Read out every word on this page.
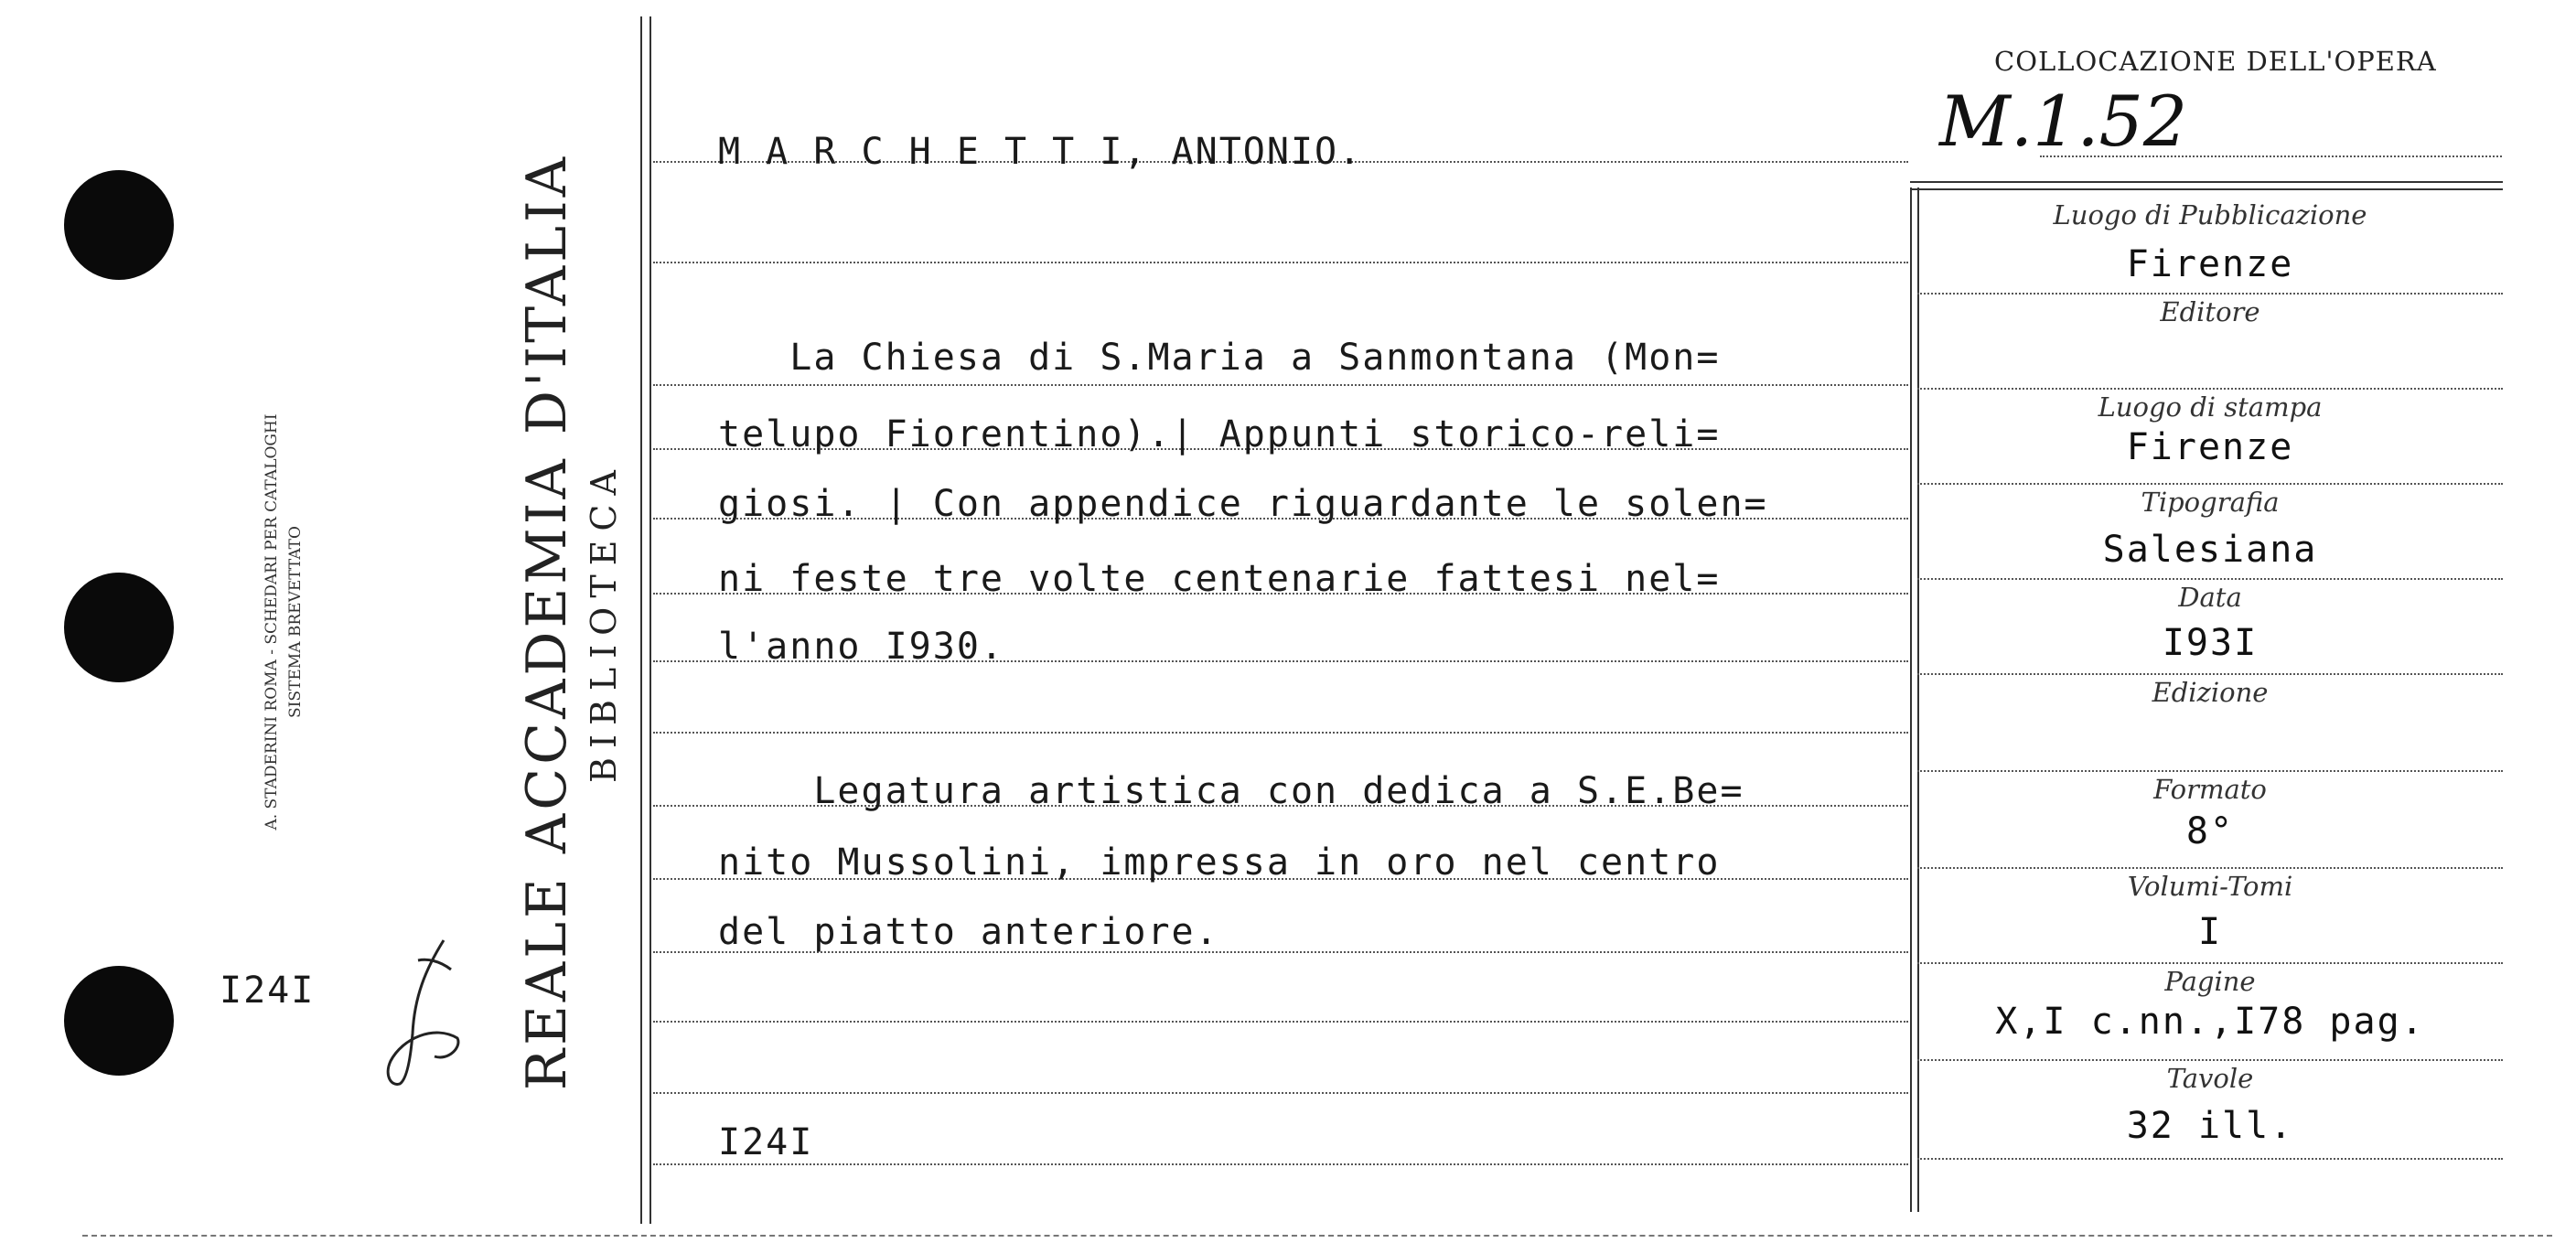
A. STADERINI ROMA - SCHEDARI PER CATALOGHI SISTEMA BREVETTATO
I24I	REALE ACCADEMIA D'ITALIA BIBLIOTECA
COLLOCAZIONE DELL'OPERA
M.1.52
M A R C H E T T I, ANTONIO.
La Chiesa di S.Maria a Sanmontana (Mon=
telupo Fiorentino).| Appunti storico-reli=
giosi. | Con appendice riguardante le solen=
ni feste tre volte centenarie fattesi nel=
l'anno I930.
Legatura artistica con dedica a S.E.Be=
nito Mussolini, impressa in oro nel centro
del piatto anteriore.
I24I
Luogo di Pubblicazione
Firenze
Editore
Luogo di stampa
Firenze
Tipografia
Salesiana
Data
I93I
Edizione
Formato
8°
Volumi-Tomi
I
Pagine
X,I c.nn.,I78 pag.
Tavole
32 ill.
